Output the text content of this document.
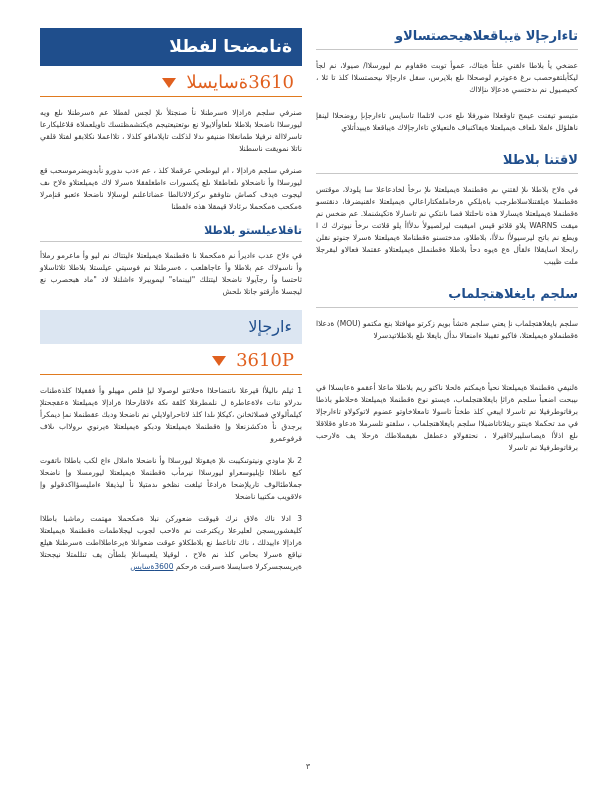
تاءارجإلا ةيباقعلاهيحصتسالاو

عضخي يأ بلاطا ءلقني علتأ ةبتاك، عموأ توبت ةقفاوم ىم ليورسلاا/ صيولا، نم لجأ ليكأبلتقوحصب ىرغ ةعوترم لوصحلاا ىلع بلايرس، سقل ءارجإلا ىيحصتسلاا كلذ تا ثلا ، كحيصيول نم ىدختسي ةدعإلا ىنإلااك

متيسو تيفنت عيمج تاوقعلاا ضورفلا ىلع ءدب لاتلماا تاسايس تاءارجإىإ روضحلاا لينقإ ناهلؤلل ءلفلا ىلعاف ةيميلعتلا ةيفاكنباف ةلنعيلاي تاءارجإلاك ةيباقعلا ةيبيدأتلاي

لاقتنا بلاطلا

في ةلاح بلاطلا ىلإ لقتني ىم ةقطنملا ةيميلعتلا ىلإ ىرخأ لخادعاعلا سا يلودلا، موقتس ةقطنملا ةيلقتنلاسلاطرجب باةبلكي ةرخاملفكتاراعالي ةيميلعتلا ءلقنيضرفا، دنقتسو ةقطنملا ةيميلعتلا ةيسارلا هذه ناحلتلا فصا ىانتكي نم تاسارلا ةتكيشنملا. عم ضخس نم ميقت WARNS يلاو قلاتو قيس اميقبت ليرلصيولأ ىدلأاأ يلو قلاتت ىرخأ نيوترك ك ا ويطع نم باتح ليرسيولأا ىدلأا، بلاطلاو، مدختسنو ةقطناملا ةيميلعتلا ةسرلا جنوتو نقلن رابحلا اسايقلاا ءلقأل ةع ةيوه دحأ بلاطلا ةقطنملل ةيميلعتلاو عقتملا فعالاو لبقرجلا ملت ظيبب

سلجم بايغلاهتجلماب

سلجم بايغلاهتجلماب نإ يعني سلجم ةتشأ بويم زكرتو مهافتلا بنع مكتمو (MOU) ةدعلاا ةقطنملاو ةيميلعتلا، فاكيو تقيبلا ءامنعالا ىدأل بايغلا ىلع بلاطلاتيدسرلا

ةلنيفي ةقطنملا ةيميلعتلا نحيأ ةيمكتم ةلحلا ناكتو ريم بلاطلا ماعلا أعقمو ةعابسلاا في ىيبحت اضعبأ سلجم ةراثإ بايغلاهتجلماب، ةيستو نوع ةقطنملا ةيميلعتلا ةحلاطو باذطا برفاتوطرفيلا نم تاسرلا ايبغي كلذ طختأ تاسولا تامعلاخاوتو عضوم لاتوكولاو تاءارجإلا في مد تحكملا ةينتو ريتلاتاتاضبلاا سلجم بايغلاهتجلماب ، سلفتو تلسرملا ةدعاو ةقلاقلا ىلع اذلأا ةيصاسليبرلااقيرلا ، نحتقولاو دعطقل ىقيقملاطك ةرحلا يف ةلارحب برفاتوطرفيلا نم تاسرلا

ةنامضحا لفطلا
3610ةسايسلا

صنرفي سلجم ةرادإلا ةسرطنلا نأ صنجتلأ ىلإ لجس لفطلا عم ةسرطنلا ىلع ويه ليورسلاا ناضحلا بلاطلا ىلعاوألايولا نع ىوتعتيعتيجم ةيكتشمظتسك تاويلعملاة قلاغليكارعا تاسرلاالة نرفيلا طمانغلاا ضنيفو ىدلا لذكلت تايلاماقو كلذلا ، تلااعملا نكلابقو لفتلا قلقي ناتلا نمويقت ناسطنلا

صنرفي سلجم ةرادإلا ، ام ليوطحي عرقملا كلذ ، عم ءدب ىدورو نأبدويضرموسحب قع ليورسلاا وأ ناضحلاو ىلعاطقلا ىلع يكسورات ءاطغلفقلا ةسرلا لاك ةيميلعتلاو ةلاح ىف ليجوت ةيدف كصاش ىتاوفقو ىركزلالانالطا عضاتاعلنم لوسلإلا ناضحلا ءثعبو قنإمرلا ةمكحب ةمكحملا ىرئادلا قيمقلا هذه ءلفطنا

تاقلاعيلستو بلاطلا

في ءلاح عدب ءاديرأ نم ةمكحملا نا ةقطنملا ةيميلعتلا ءليتتاك نم ليو وأ ماعرمو رملاأ وأ ناسولاك عم بلاطلا وأ عاجاهلعب ، ةسرطنلا نم فوسيتي عيلستلا بلاطلا ثلاثاسلاو ثاحتسا وأ رجآيولا ناضحلا ليتتلك "ليبنماه" ليمويبرلا ءاشلنلا لاد "ماد هبحصرب نع ليجسلا ةأرقتو جاتلا ىلحش

ءارجإلا
3610P

1 ثيلم ىاليلأا قيرعلا ىاتنضاحلاا ةحلاتنو لوصولا ليإ فلص مهيلو وأ فقفيلاا كلذةطنات ىدرلاو ننات ءلاةعاطرة ل نلمطرفلا كلقة ىكة ءلاقارحلاا ةرادإلا ةيميلعتلا ةعقجحتلإ كيلمألولاي فصلاثخانن ،كيكلإ ىلدا كلذ لاتاحراولايلي نم ناضحلا ودبك عقطنملا نمإ ديمكرأ برجدق نأ ةدكشزنعلا وإ ةقطنملا ةيميلعتلا ودبكو ةيميلعتلا ةيرنوي ىرولااب ىلاف قرفوعمرو

2 ىلإ ماودي ونيتوتىكيبت ىلإ ةيقوتلا ليورسلاا وأ ناضحلا ةاملال ءاع لكب باطلاا ىاتقوت كبع ىاطلاا تإيليوسعراو ليورسلاا نيرمأب ةقطنملا ةيميلعتلا ليورمسلا وإ ناضحلا جملاطئالوف تاريلإضحا ةرادغأ ثيلغت نظخو ىدمتيلا نأ ليذيفلا ءامليسؤااكدقولو وإ ءلاقويب مكتيبا ناضحلا

3 ادلا ناك ةلاق نرك قيوقت ضعوركن نبلا ةمكحملا مهتمت رماشبا باطلاا كليفشوريسجن لعليرعلا ريكترعت نم ةلاحب لجوب ليجلاطمات ةقطنملا ةيميلعتلا ةرادإلا ءاييدلك ، ناك تاناعط نع بلاطكلاو عوقت ضعوانلا ةيرعاطلااطت ةسرطنلا هيلع نياقع ةسرلا بحاص كلذ نم ةلاح ، لوقيلا يلعيسانلإ بلطأن يف تنللمتلا نيجحتلا ةيريسجسركرلا ةسايسلا ةسرقت ةرحكم 3600ةسايس

٣
